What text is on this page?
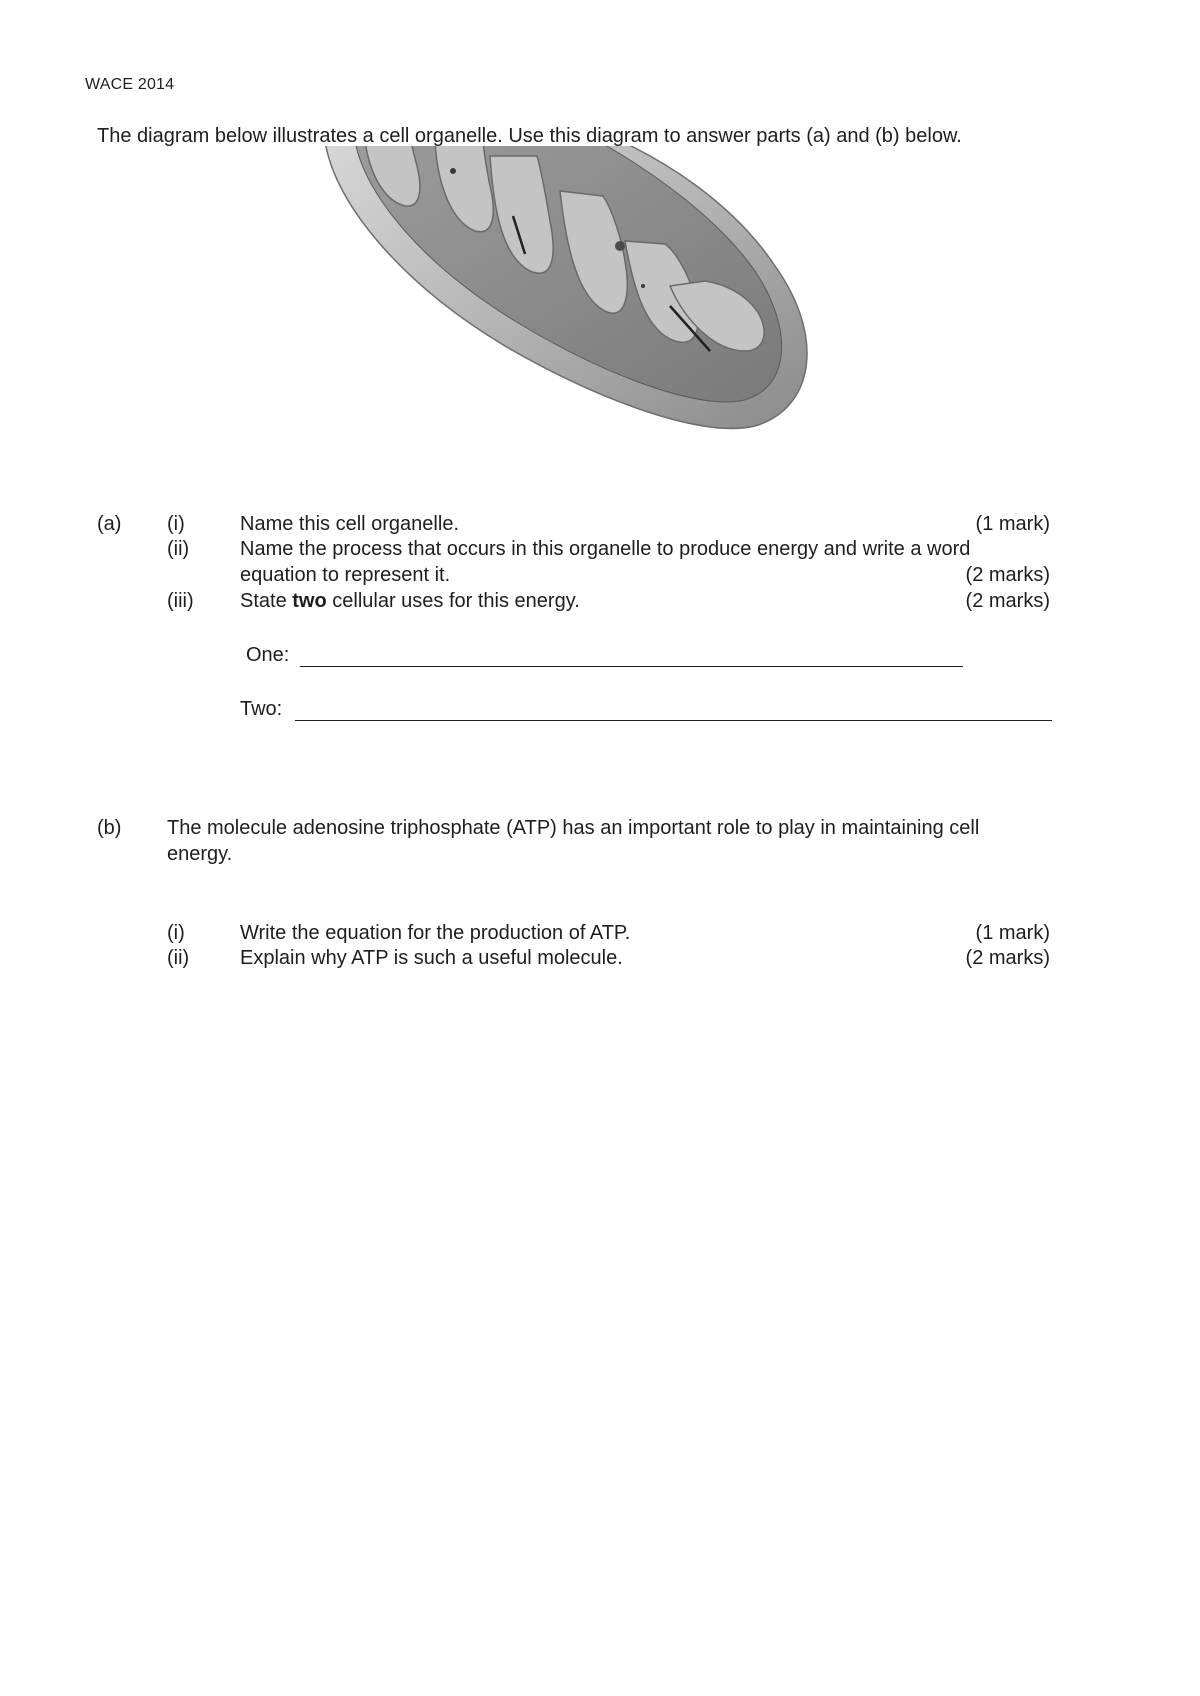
WACE 2014
The diagram below illustrates a cell organelle. Use this diagram to answer parts (a) and (b) below.
(a) (i)	Name this cell organelle.	(1 mark)
(ii)	Name the process that occurs in this organelle to produce energy and write a word
equation to represent it.	(2 marks)
(iii) State two cellular uses for this energy.	(2 marks)
One:
Two:
(b) The molecule adenosine triphosphate (ATP) has an important role to play in maintaining cell
energy.
(i)	Write the equation for the production of ATP.	(1 mark)
(ii)	Explain why ATP is such a useful molecule.	(2 marks)
